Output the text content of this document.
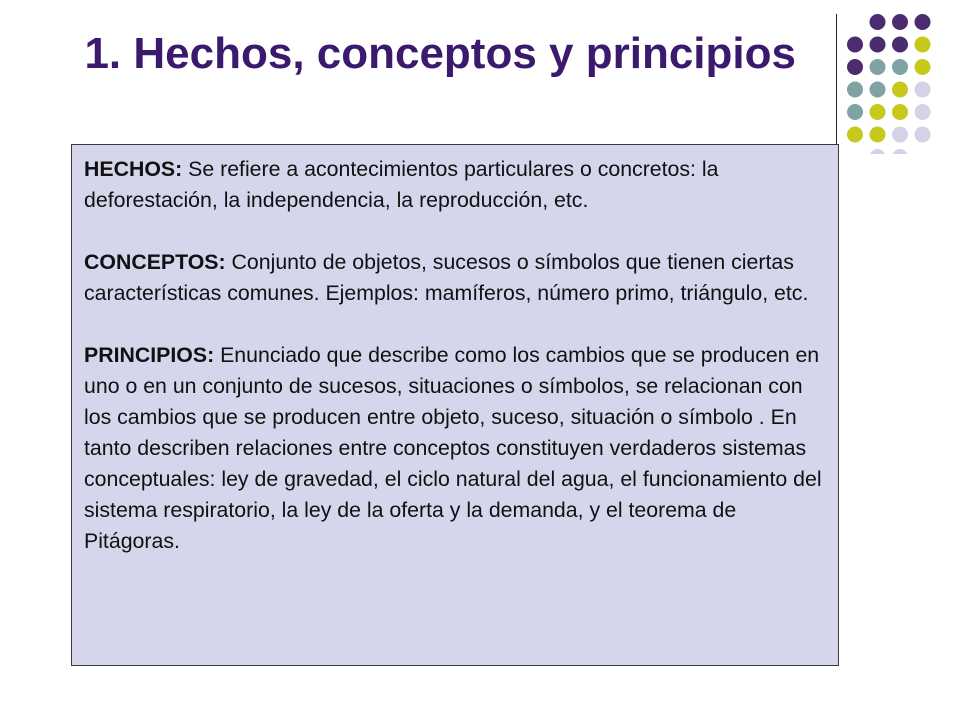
1. Hechos, conceptos y principios

HECHOS: Se refiere a acontecimientos particulares o concretos: la deforestación, la independencia, la reproducción, etc.

CONCEPTOS: Conjunto de objetos, sucesos o símbolos que tienen ciertas características comunes. Ejemplos: mamíferos, número primo, triángulo, etc.

PRINCIPIOS: Enunciado que describe como los cambios que se producen en uno o en un conjunto de sucesos, situaciones o símbolos, se relacionan con los cambios que se producen entre objeto, suceso, situación o símbolo . En tanto describen relaciones entre conceptos constituyen verdaderos sistemas conceptuales: ley de gravedad, el ciclo natural del agua, el funcionamiento del sistema respiratorio, la ley de la oferta y la demanda, y el teorema de Pitágoras.
